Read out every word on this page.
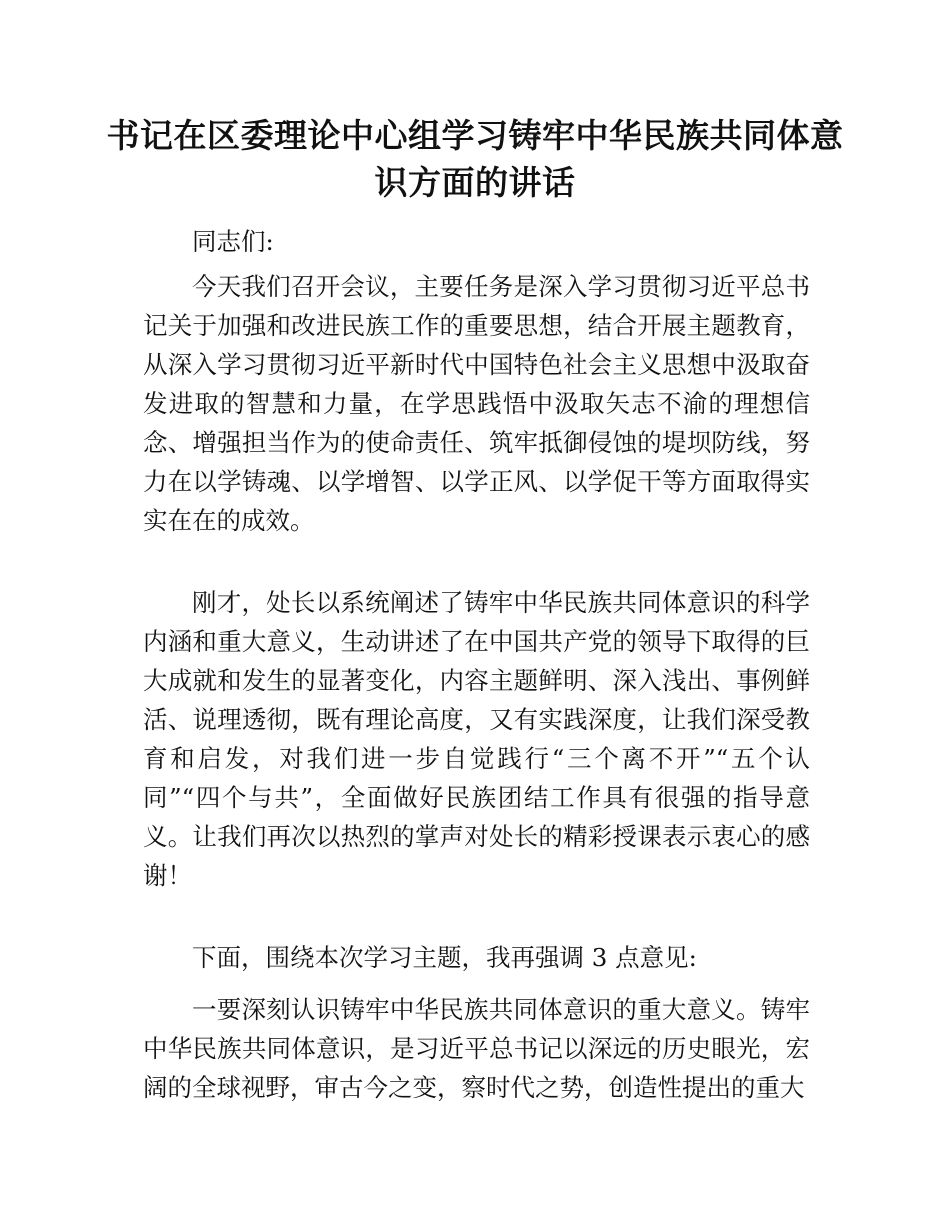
书记在区委理论中心组学习铸牢中华民族共同体意识方面的讲话

同志们:

今天我们召开会议，主要任务是深入学习贯彻习近平总书记关于加强和改进民族工作的重要思想，结合开展主题教育，从深入学习贯彻习近平新时代中国特色社会主义思想中汲取奋发进取的智慧和力量，在学思践悟中汲取矢志不渝的理想信念、增强担当作为的使命责任、筑牢抵御侵蚀的堤坝防线，努力在以学铸魂、以学增智、以学正风、以学促干等方面取得实实在在的成效。

刚才，处长以系统阐述了铸牢中华民族共同体意识的科学内涵和重大意义，生动讲述了在中国共产党的领导下取得的巨大成就和发生的显著变化，内容主题鲜明、深入浅出、事例鲜活、说理透彻，既有理论高度，又有实践深度，让我们深受教育和启发，对我们进一步自觉践行“三个离不开”“五个认同”“四个与共”，全面做好民族团结工作具有很强的指导意义。让我们再次以热烈的掌声对处长的精彩授课表示衷心的感谢！

下面，围绕本次学习主题，我再强调 3 点意见:

一要深刻认识铸牢中华民族共同体意识的重大意义。铸牢中华民族共同体意识，是习近平总书记以深远的历史眼光，宏阔的全球视野，审古今之变，察时代之势，创造性提出的重大
